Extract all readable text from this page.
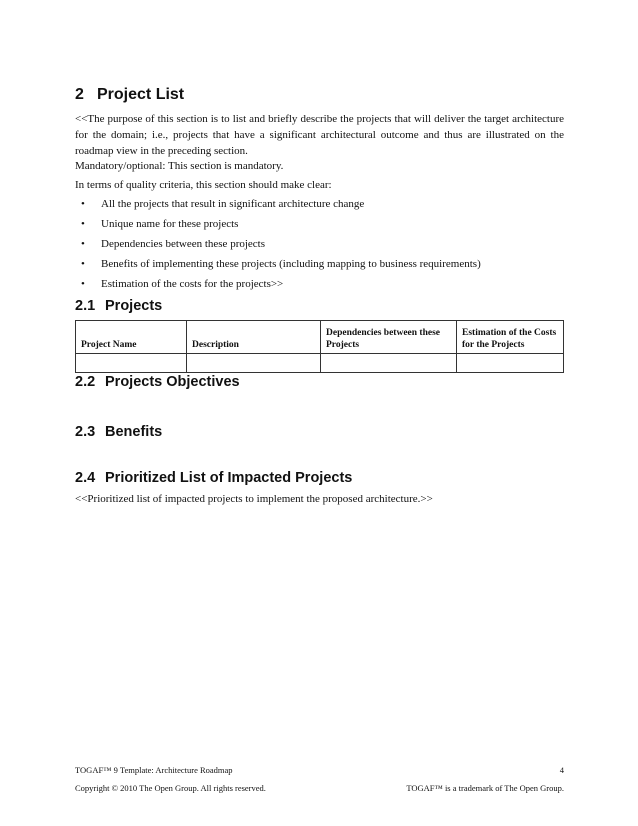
2 Project List

<<The purpose of this section is to list and briefly describe the projects that will deliver the target architecture for the domain; i.e., projects that have a significant architectural outcome and thus are illustrated on the roadmap view in the preceding section.

Mandatory/optional: This section is mandatory.

In terms of quality criteria, this section should make clear:

• All the projects that result in significant architecture change
• Unique name for these projects
• Dependencies between these projects
• Benefits of implementing these projects (including mapping to business requirements)
• Estimation of the costs for the projects>>
2.1 Projects
Project Name	Description	Dependencies between these Projects	Estimation of the Costs for the Projects

2.2 Projects Objectives
2.3 Benefits
2.4 Prioritized List of Impacted Projects

<<Prioritized list of impacted projects to implement the proposed architecture.>>

TOGAF™ 9 Template: Architecture Roadmap	4
Copyright © 2010 The Open Group. All rights reserved.	TOGAF™ is a trademark of The Open Group.
